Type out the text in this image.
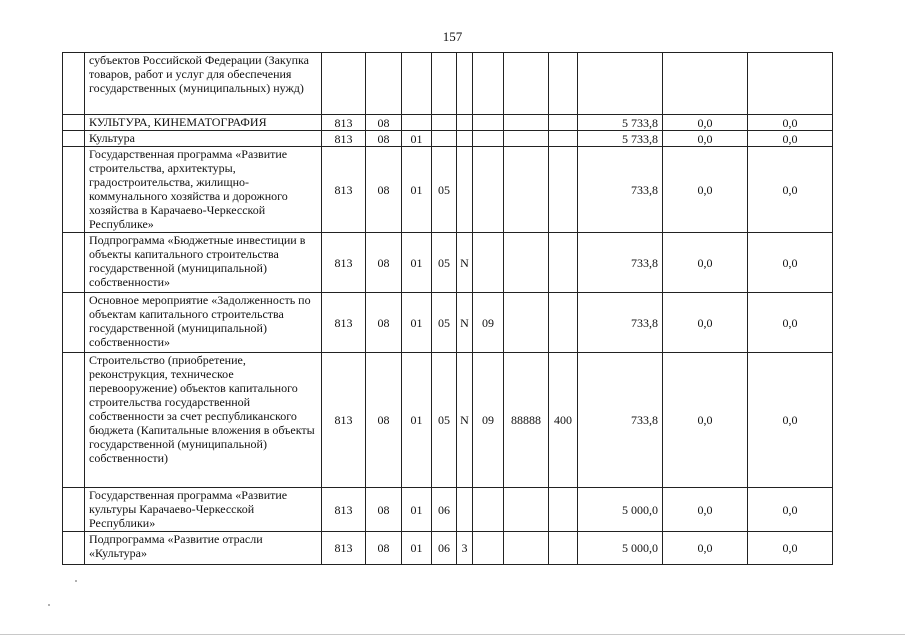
157
	субъектов Российской Федерации (Закупка товаров, работ и услуг для обеспечения государственных (муниципальных) нужд)											
	КУЛЬТУРА, КИНЕМАТОГРАФИЯ	813	08							5 733,8	0,0	0,0
	Культура	813	08	01						5 733,8	0,0	0,0
	Государственная программа «Развитие строительства, архитектуры, градостроительства, жилищно-коммунального хозяйства и дорожного хозяйства в Карачаево-Черкесской Республике»	813	08	01	05					733,8	0,0	0,0
	Подпрограмма «Бюджетные инвестиции в объекты капитального строительства государственной (муниципальной) собственности»	813	08	01	05	N				733,8	0,0	0,0
	Основное мероприятие «Задолженность по объектам капитального строительства государственной (муниципальной) собственности»	813	08	01	05	N	09			733,8	0,0	0,0
	Строительство (приобретение, реконструкция, техническое перевооружение) объектов капитального строительства государственной собственности за счет республиканского бюджета (Капитальные вложения в объекты государственной (муниципальной) собственности)	813	08	01	05	N	09	88888	400	733,8	0,0	0,0
	Государственная программа «Развитие культуры Карачаево-Черкесской Республики»	813	08	01	06					5 000,0	0,0	0,0
	Подпрограмма «Развитие отрасли «Культура»	813	08	01	06	3				5 000,0	0,0	0,0
